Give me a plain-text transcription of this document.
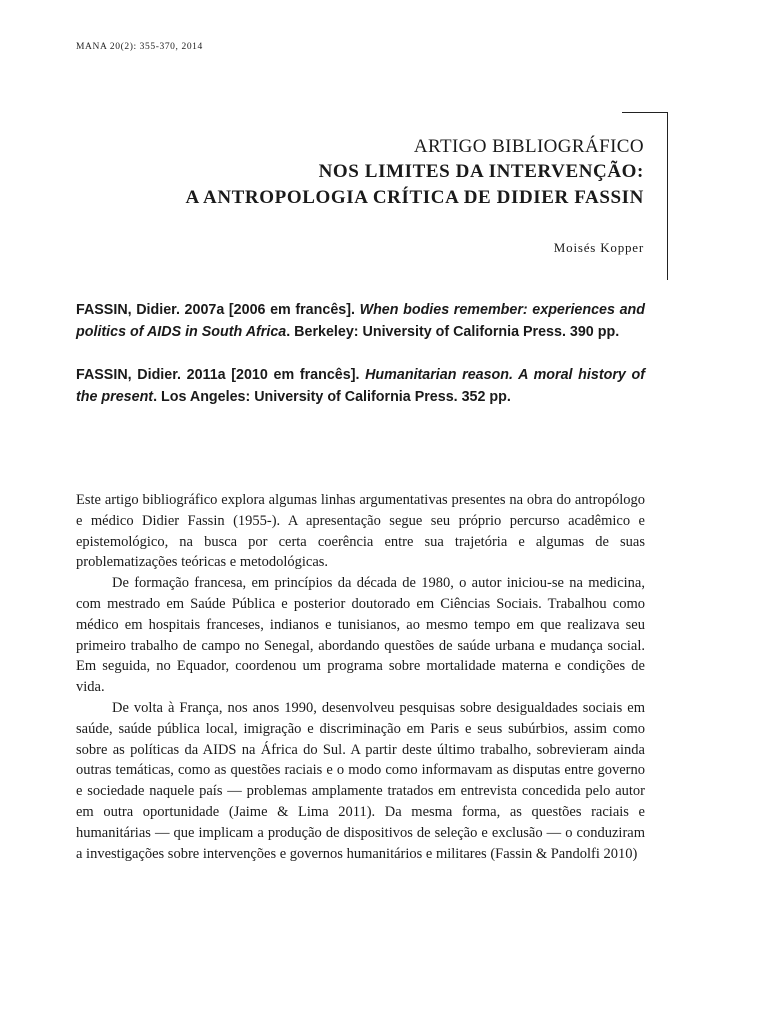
MANA 20(2): 355-370, 2014
ARTIGO BIBLIOGRÁFICO
NOS LIMITES DA INTERVENÇÃO:
A ANTROPOLOGIA CRÍTICA DE DIDIER FASSIN
Moisés Kopper

FASSIN, Didier. 2007a [2006 em francês]. When bodies remember: experiences and politics of AIDS in South Africa. Berkeley: University of California Press. 390 pp.

FASSIN, Didier. 2011a [2010 em francês]. Humanitarian reason. A moral history of the present. Los Angeles: University of California Press. 352 pp.

Este artigo bibliográfico explora algumas linhas argumentativas presentes na obra do antropólogo e médico Didier Fassin (1955-). A apresentação segue seu próprio percurso acadêmico e epistemológico, na busca por certa coerência entre sua trajetória e algumas de suas problematizações teóricas e metodológicas.

De formação francesa, em princípios da década de 1980, o autor iniciou-se na medicina, com mestrado em Saúde Pública e posterior doutorado em Ciências Sociais. Trabalhou como médico em hospitais franceses, indianos e tunisianos, ao mesmo tempo em que realizava seu primeiro trabalho de campo no Senegal, abordando questões de saúde urbana e mudança social. Em seguida, no Equador, coordenou um programa sobre mortalidade materna e condições de vida.

De volta à França, nos anos 1990, desenvolveu pesquisas sobre desigualdades sociais em saúde, saúde pública local, imigração e discriminação em Paris e seus subúrbios, assim como sobre as políticas da AIDS na África do Sul. A partir deste último trabalho, sobrevieram ainda outras temáticas, como as questões raciais e o modo como informavam as disputas entre governo e sociedade naquele país — problemas amplamente tratados em entrevista concedida pelo autor em outra oportunidade (Jaime & Lima 2011). Da mesma forma, as questões raciais e humanitárias — que implicam a produção de dispositivos de seleção e exclusão — o conduziram a investigações sobre intervenções e governos humanitários e militares (Fassin & Pandolfi 2010)
